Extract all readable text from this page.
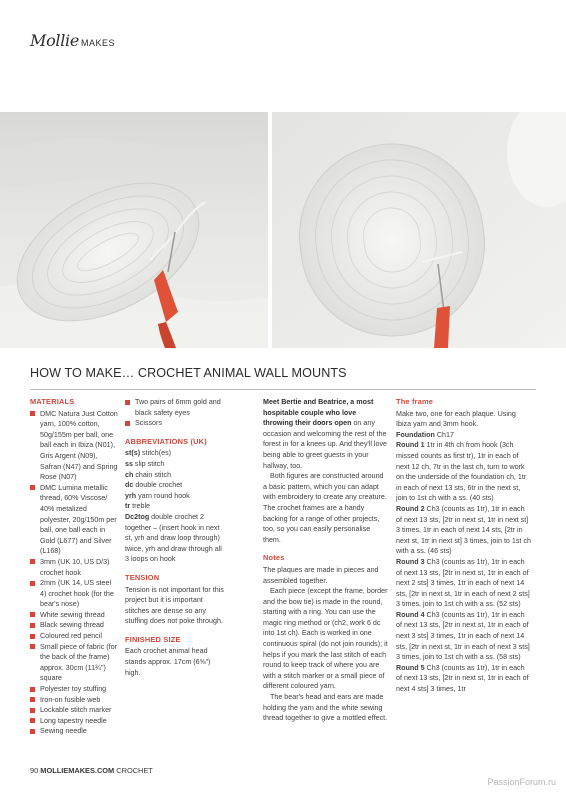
Mollie MAKES
HOW TO MAKE… CROCHET ANIMAL WALL MOUNTS
MATERIALS
DMC Natura Just Cotton yarn, 100% cotton, 50g/155m per ball, one ball each in Ibiza (N01), Gris Argent (N09), Safran (N47) and Spring Rose (N07)
DMC Lumina metallic thread, 60% Viscose/ 40% metalized polyester, 20g/150m per ball, one ball each in Gold (L677) and Silver (L168)
3mm (UK 10, US D/3) crochet hook
2mm (UK 14, US steel 4) crochet hook (for the bear's nose)
White sewing thread
Black sewing thread
Coloured red pencil
Small piece of fabric (for the back of the frame) approx. 30cm (11¾") square
Polyester toy stuffing
Iron-on fusible web
Lockable stitch marker
Long tapestry needle
Sewing needle
Two pairs of 6mm gold and black safety eyes
Scissors
ABBREVIATIONS (UK)
st(s) stitch(es)
ss slip stitch
ch chain stitch
dc double crochet
yrh yarn round hook
tr treble
Dc2tog double crochet 2 together – (insert hook in next st, yrh and draw loop through) twice, yrh and draw through all 3 loops on hook
TENSION
Tension is not important for this project but it is important stitches are dense so any stuffing does not poke through.
FINISHED SIZE
Each crochet animal head stands approx. 17cm (6⅝") high.
Meet Bertie and Beatrice, a most hospitable couple who love throwing their doors open on any occasion and welcoming the rest of the forest in for a knees up. And they'll love being able to greet guests in your hallway, too.
Both figures are constructed around a basic pattern, which you can adapt with embroidery to create any creature. The crochet frames are a handy backing for a range of other projects, too, so you can easily personalise them.
Notes
The plaques are made in pieces and assembled together.
Each piece (except the frame, border and the bow tie) is made in the round, starting with a ring. You can use the magic ring method or (ch2, work 6 dc into 1st ch). Each is worked in one continuous spiral (do not join rounds); it helps if you mark the last stitch of each round to keep track of where you are with a stitch marker or a small piece of different coloured yarn.
The bear's head and ears are made holding the yarn and the white sewing thread together to give a mottled effect.
The frame
Make two, one for each plaque. Using Ibiza yarn and 3mm hook.
Foundation Ch17
Round 1 1tr in 4th ch from hook (3ch missed counts as first tr), 1tr in each of next 12 ch, 7tr in the last ch, turn to work on the underside of the foundation ch, 1tr in each of next 13 sts, 6tr in the next st, join to 1st ch with a ss. (40 sts)
Round 2 Ch3 (counts as 1tr), 1tr in each of next 13 sts, [2tr in next st, 1tr in next st] 3 times, 1tr in each of next 14 sts, [2tr in next st, 1tr in next st] 3 times, join to 1st ch with a ss. (46 sts)
Round 3 Ch3 (counts as 1tr), 1tr in each of next 13 sts, [2tr in next st, 1tr in each of next 2 sts] 3 times, 1tr in each of next 14 sts, [2tr in next st, 1tr in each of next 2 sts] 3 times, join to 1st ch with a ss. (52 sts)
Round 4 Ch3 (counts as 1tr), 1tr in each of next 13 sts, [2tr in next st, 1tr in each of next 3 sts] 3 times, 1tr in each of next 14 sts, [2tr in next st, 1tr in each of next 3 sts] 3 times, join to 1st ch with a ss. (58 sts)
Round 5 Ch3 (counts as 1tr), 1tr in each of next 13 sts, [2tr in next st, 1tr in each of next 4 sts] 3 times, 1tr
90 MOLLIEMAKES.COM CROCHET
PassionForum.ru
